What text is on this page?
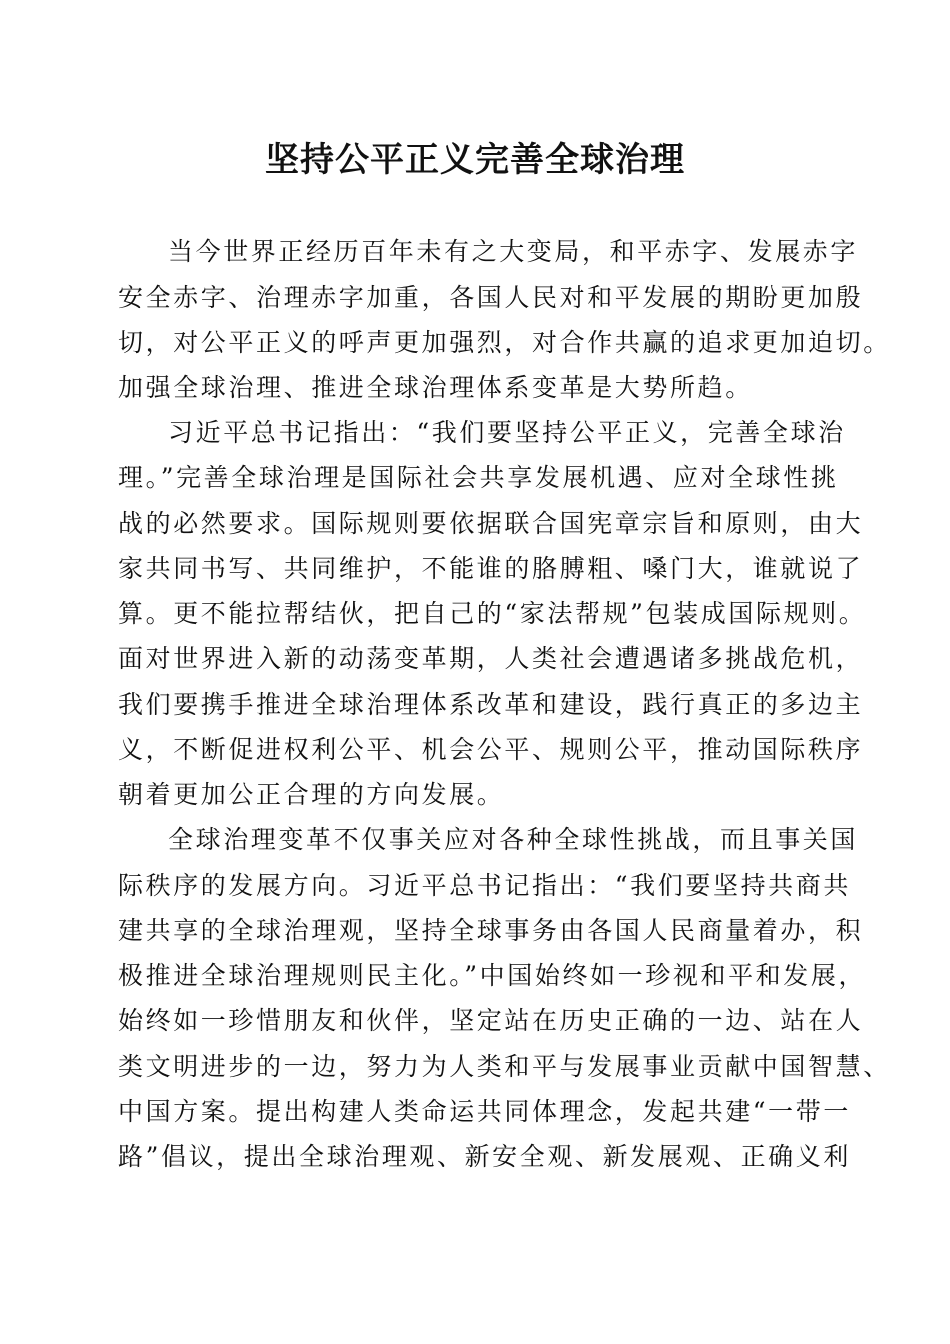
坚持公平正义完善全球治理
当今世界正经历百年未有之大变局，和平赤字、发展赤字
安全赤字、治理赤字加重，各国人民对和平发展的期盼更加殷
切，对公平正义的呼声更加强烈，对合作共赢的追求更加迫切。
加强全球治理、推进全球治理体系变革是大势所趋。
习近平总书记指出：“我们要坚持公平正义，完善全球治
理。”完善全球治理是国际社会共享发展机遇、应对全球性挑
战的必然要求。国际规则要依据联合国宪章宗旨和原则，由大
家共同书写、共同维护，不能谁的胳膊粗、嗓门大，谁就说了
算。更不能拉帮结伙，把自己的“家法帮规”包装成国际规则。
面对世界进入新的动荡变革期，人类社会遭遇诸多挑战危机，
我们要携手推进全球治理体系改革和建设，践行真正的多边主
义，不断促进权利公平、机会公平、规则公平，推动国际秩序
朝着更加公正合理的方向发展。
全球治理变革不仅事关应对各种全球性挑战，而且事关国
际秩序的发展方向。习近平总书记指出：“我们要坚持共商共
建共享的全球治理观，坚持全球事务由各国人民商量着办，积
极推进全球治理规则民主化。”中国始终如一珍视和平和发展，
始终如一珍惜朋友和伙伴，坚定站在历史正确的一边、站在人
类文明进步的一边，努力为人类和平与发展事业贡献中国智慧、
中国方案。提出构建人类命运共同体理念，发起共建“一带一
路”倡议，提出全球治理观、新安全观、新发展观、正确义利
